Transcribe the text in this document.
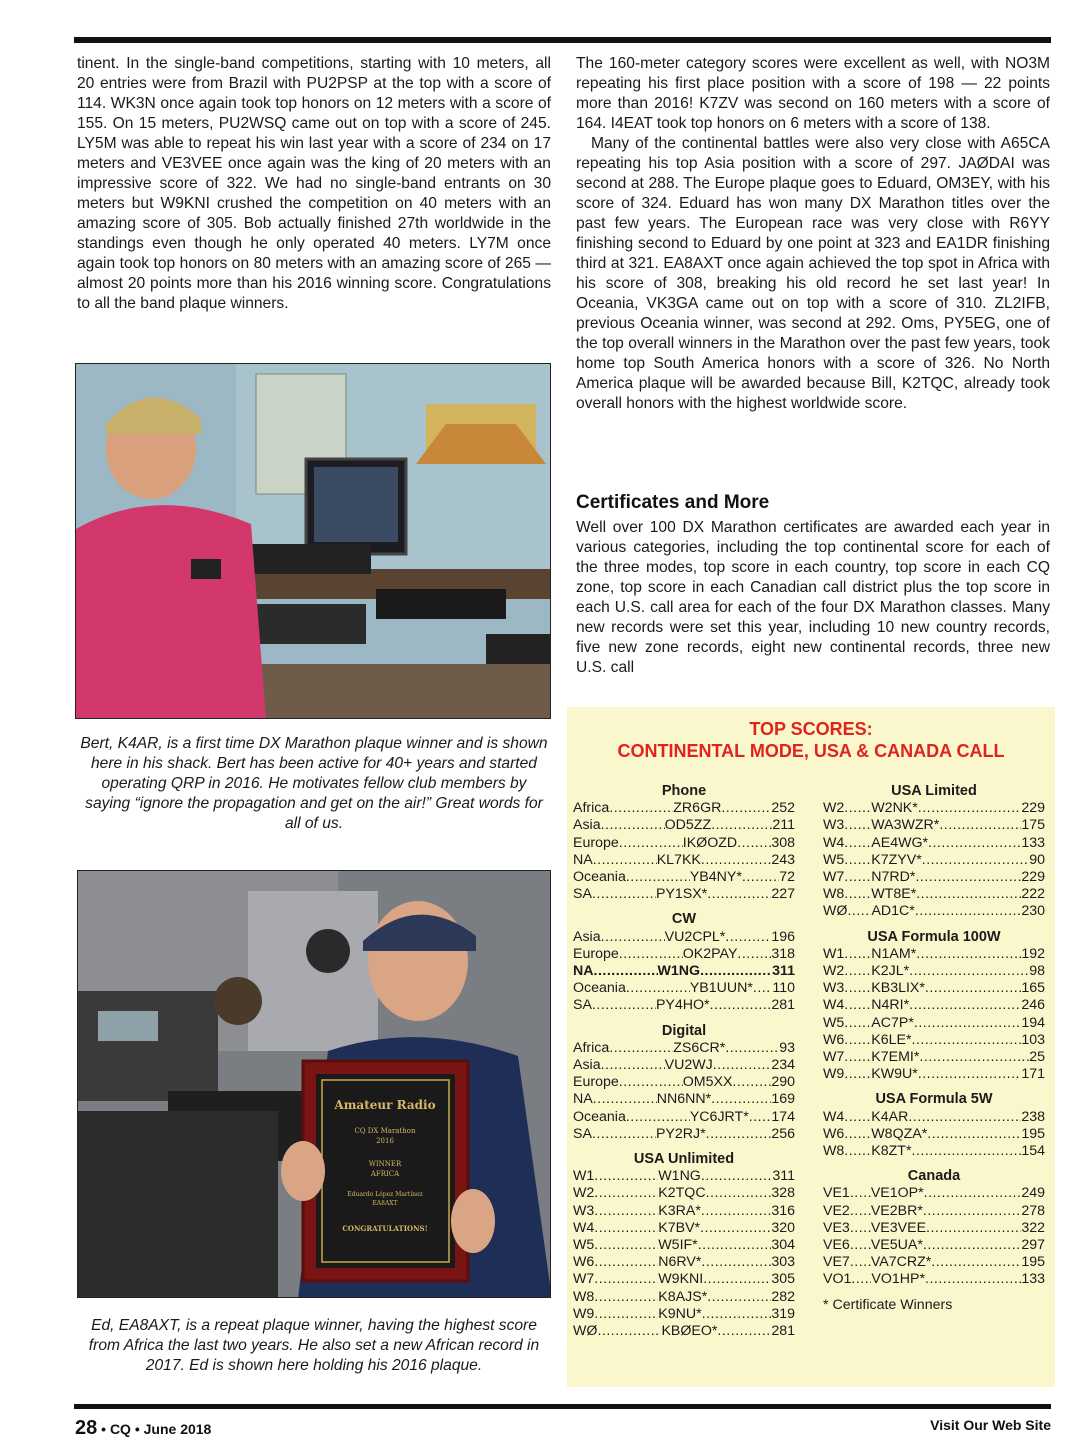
tinent. In the single-band competitions, starting with 10 meters, all 20 entries were from Brazil with PU2PSP at the top with a score of 114. WK3N once again took top honors on 12 meters with a score of 155. On 15 meters, PU2WSQ came out on top with a score of 245. LY5M was able to repeat his win last year with a score of 234 on 17 meters and VE3VEE once again was the king of 20 meters with an impressive score of 322. We had no single-band entrants on 30 meters but W9KNI crushed the competition on 40 meters with an amazing score of 305. Bob actually finished 27th worldwide in the standings even though he only operated 40 meters. LY7M once again took top honors on 80 meters with an amazing score of 265 — almost 20 points more than his 2016 winning score. Congratulations to all the band plaque winners.

The 160-meter category scores were excellent as well, with NO3M repeating his first place position with a score of 198 — 22 points more than 2016! K7ZV was second on 160 meters with a score of 164. I4EAT took top honors on 6 meters with a score of 138.

Many of the continental battles were also very close with A65CA repeating his top Asia position with a score of 297. JAØDAI was second at 288. The Europe plaque goes to Eduard, OM3EY, with his score of 324. Eduard has won many DX Marathon titles over the past few years. The European race was very close with R6YY finishing second to Eduard by one point at 323 and EA1DR finishing third at 321. EA8AXT once again achieved the top spot in Africa with his score of 308, breaking his old record he set last year! In Oceania, VK3GA came out on top with a score of 310. ZL2IFB, previous Oceania winner, was second at 292. Oms, PY5EG, one of the top overall winners in the Marathon over the past few years, took home top South America honors with a score of 326. No North America plaque will be awarded because Bill, K2TQC, already took overall honors with the highest worldwide score.

Certificates and More

Well over 100 DX Marathon certificates are awarded each year in various categories, including the top continental score for each of the three modes, top score in each country, top score in each CQ zone, top score in each Canadian call district plus the top score in each U.S. call area for each of the four DX Marathon classes. Many new records were set this year, including 10 new country records, five new zone records, eight new continental records, three new U.S. call

Bert, K4AR, is a first time DX Marathon plaque winner and is shown here in his shack. Bert has been active for 40+ years and started operating QRP in 2016. He motivates fellow club members by saying “ignore the propagation and get on the air!” Great words for all of us.
Amateur Radio
CQ DX Marathon
2016
WINNER
AFRICA
Eduardo López Martínez
EA8AXT
CONGRATULATIONS!
Ed, EA8AXT, is a repeat plaque winner, having the highest score from Africa the last two years. He also set a new African record in 2017. Ed is shown here holding his 2016 plaque.
TOP SCORES:
CONTINENTAL MODE, USA & CANADA CALL
Phone
Africa .....	ZR6GR .....	252
Asia .....	OD5ZZ .....	211
Europe .....	IKØOZD ..... 308
NA .....	KL7KK .....	243
Oceania .....	YB4NY* .....	72
SA .....	PY1SX* .....	227
CW
Asia .....	VU2CPL* .....	196
Europe .....	OK2PAY ..... 318
NA .....	W1NG .....	311
Oceania .....	YB1UUN* ..... 110
SA .....	PY4HO* .....	281
Digital
Africa .....	ZS6CR* .....	93
Asia .....	VU2WJ .....	234
Europe .....	OM5XX .....	290
NA .....	NN6NN* .....	169
Oceania .....	YC6JRT* ..... 174
SA .....	PY2RJ* .....	256
USA Unlimited
W1 .....	W1NG .....	311
W2 .....	K2TQC .....	328
W3 .....	K3RA* .....	316
W4 .....	K7BV* .....	320
W5 .....	W5IF* .....	304
W6 .....	N6RV* .....	303
W7 .....	W9KNI .....	305
W8 .....	K8AJS* .....	282
W9 .....	K9NU* .....	319
WØ .....	KBØEO* .....	281
USA Limited
W2 ..... W2NK* .....	229
W3 ..... WA3WZR* .....	175
W4 ..... AE4WG* .....	133
W5 ..... K7ZYV* .....	90
W7 ..... N7RD* .....	229
W8 ..... WT8E* .....	222
WØ ..... AD1C* .....	230
USA Formula 100W
W1 ..... N1AM* .....	192
W2 ..... K2JL* .....	98
W3 ..... KB3LIX* .....	165
W4 ..... N4RI* .....	246
W5 ..... AC7P* .....	194
W6 ..... K6LE* .....	103
W7 ..... K7EMI* .....	25
W9 ..... KW9U* .....	171
USA Formula 5W
W4 ..... K4AR .....	238
W6 ..... W8QZA* .....	195
W8 ..... K8ZT* .....	154
Canada
VE1 ..... VE1OP* .....	249
VE2 ..... VE2BR* .....	278
VE3 ..... VE3VEE .....	322
VE6 ..... VE5UA* .....	297
VE7 ..... VA7CRZ* .....	195
VO1 ..... VO1HP* .....	133
* Certificate Winners
28 • CQ • June 2018	Visit Our Web Site
